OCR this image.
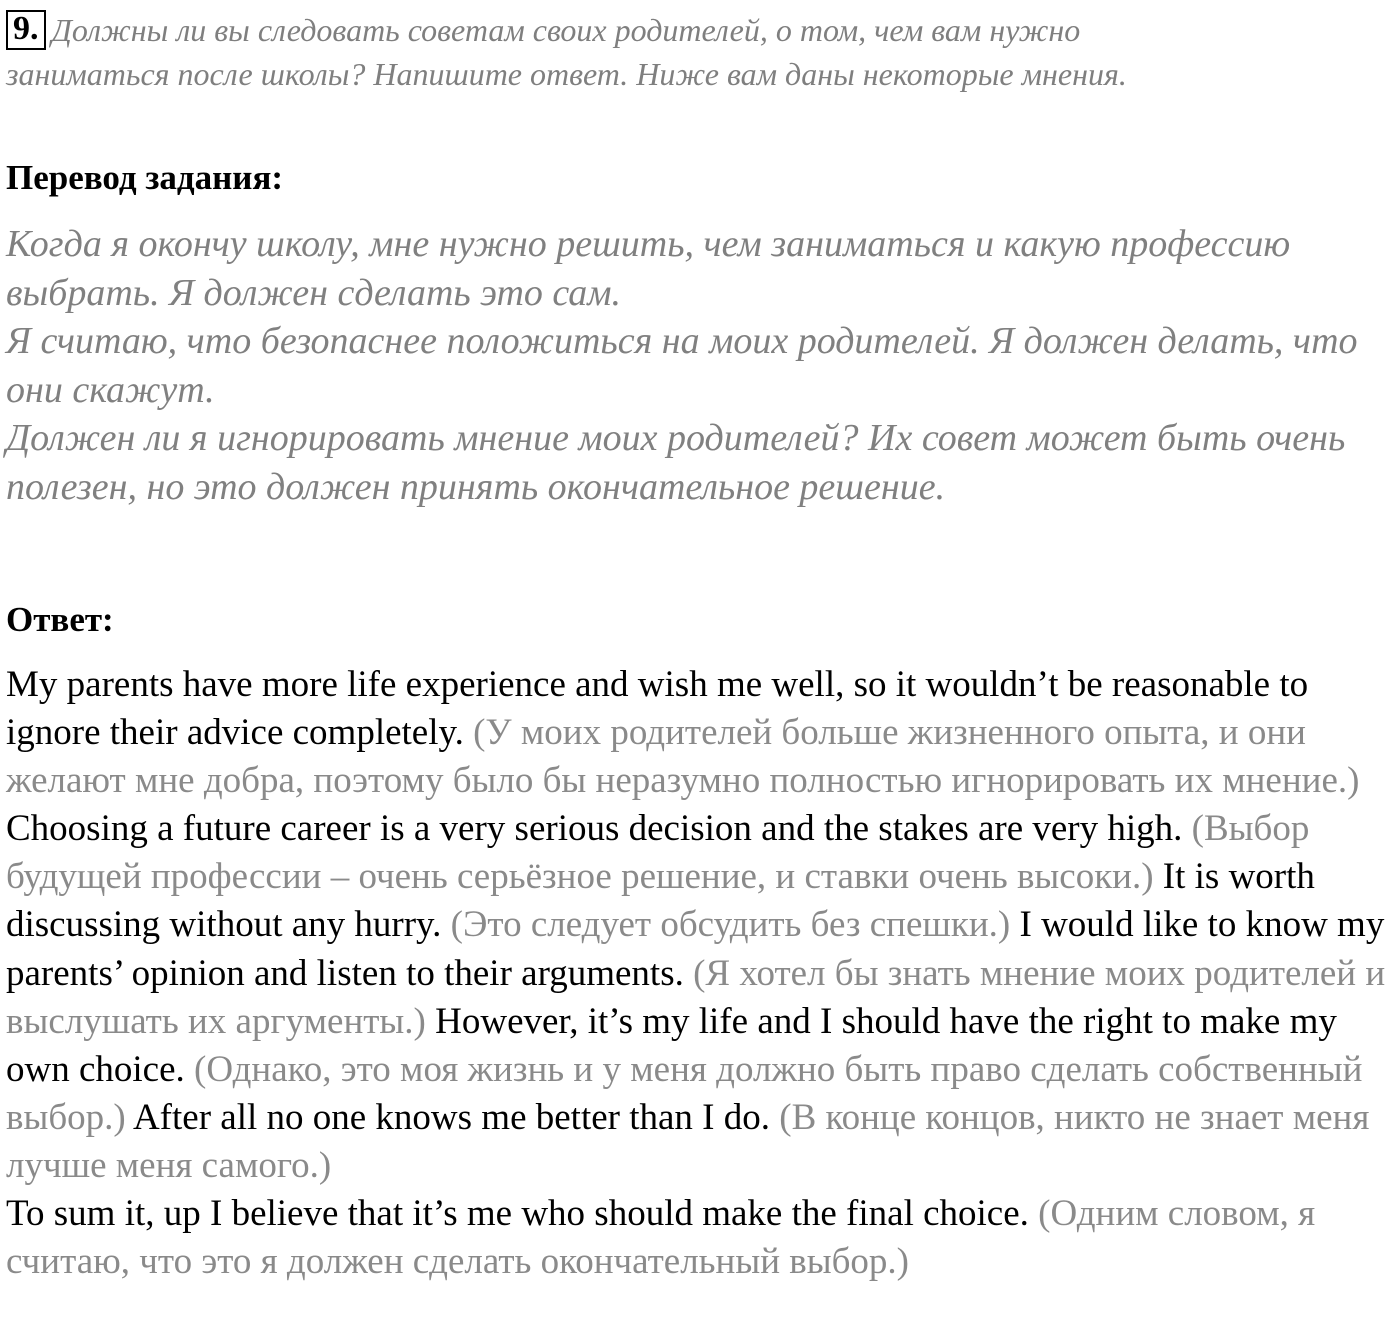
9. Должны ли вы следовать советам своих родителей, о том, чем вам нужно
заниматься после школы? Напишите ответ. Ниже вам даны некоторые мнения.
Перевод задания:

Когда я окончу школу, мне нужно решить, чем заниматься и какую профессию выбрать. Я должен сделать это сам.

Я считаю, что безопаснее положиться на моих родителей. Я должен делать, что они скажут.

Должен ли я игнорировать мнение моих родителей? Их совет может быть очень полезен, но это должен принять окончательное решение.

Ответ:

My parents have more life experience and wish me well, so it wouldn’t be reasonable to ignore their advice completely. (У моих родителей больше жизненного опыта, и они желают мне добра, поэтому было бы неразумно полностью игнорировать их мнение.) Choosing a future career is a very serious decision and the stakes are very high. (Выбор будущей профессии – очень серьёзное решение, и ставки очень высоки.) It is worth discussing without any hurry. (Это следует обсудить без спешки.) I would like to know my parents’ opinion and listen to their arguments. (Я хотел бы знать мнение моих родителей и выслушать их аргументы.) However, it’s my life and I should have the right to make my own choice. (Однако, это моя жизнь и у меня должно быть право сделать собственный выбор.) After all no one knows me better than I do. (В конце концов, никто не знает меня лучше меня самого.)

To sum it, up I believe that it’s me who should make the final choice. (Одним словом, я считаю, что это я должен сделать окончательный выбор.)
